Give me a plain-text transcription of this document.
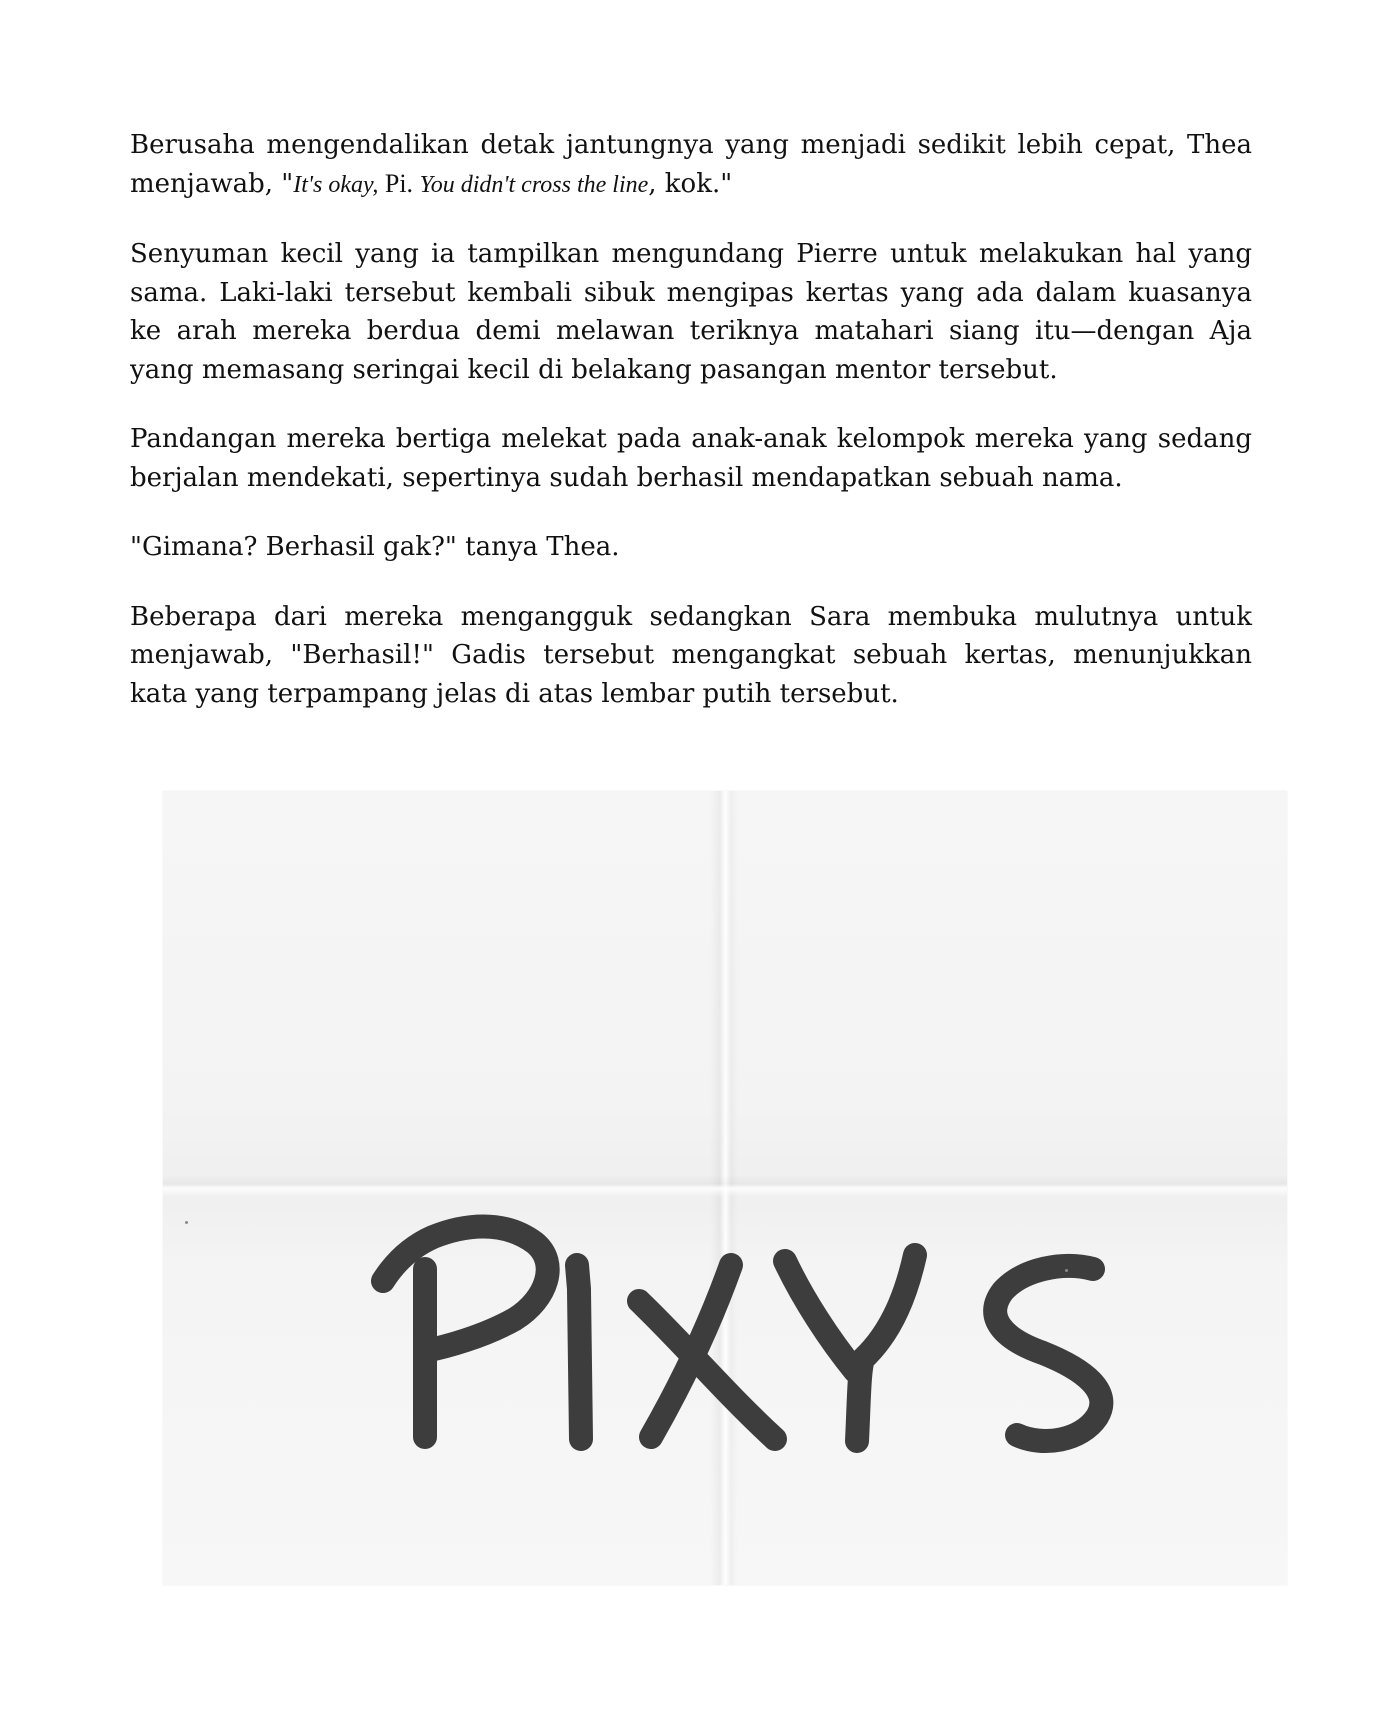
Berusaha mengendalikan detak jantungnya yang menjadi sedikit lebih cepat, Thea menjawab, "It's okay, Pi. You didn't cross the line, kok."

Senyuman kecil yang ia tampilkan mengundang Pierre untuk melakukan hal yang sama. Laki-laki tersebut kembali sibuk mengipas kertas yang ada dalam kuasanya ke arah mereka berdua demi melawan teriknya matahari siang itu—dengan Aja yang memasang seringai kecil di belakang pasangan mentor tersebut.

Pandangan mereka bertiga melekat pada anak-anak kelompok mereka yang sedang berjalan mendekati, sepertinya sudah berhasil mendapatkan sebuah nama.

"Gimana? Berhasil gak?" tanya Thea.

Beberapa dari mereka mengangguk sedangkan Sara membuka mulutnya untuk menjawab, "Berhasil!" Gadis tersebut mengangkat sebuah kertas, menunjukkan kata yang terpampang jelas di atas lembar putih tersebut.
